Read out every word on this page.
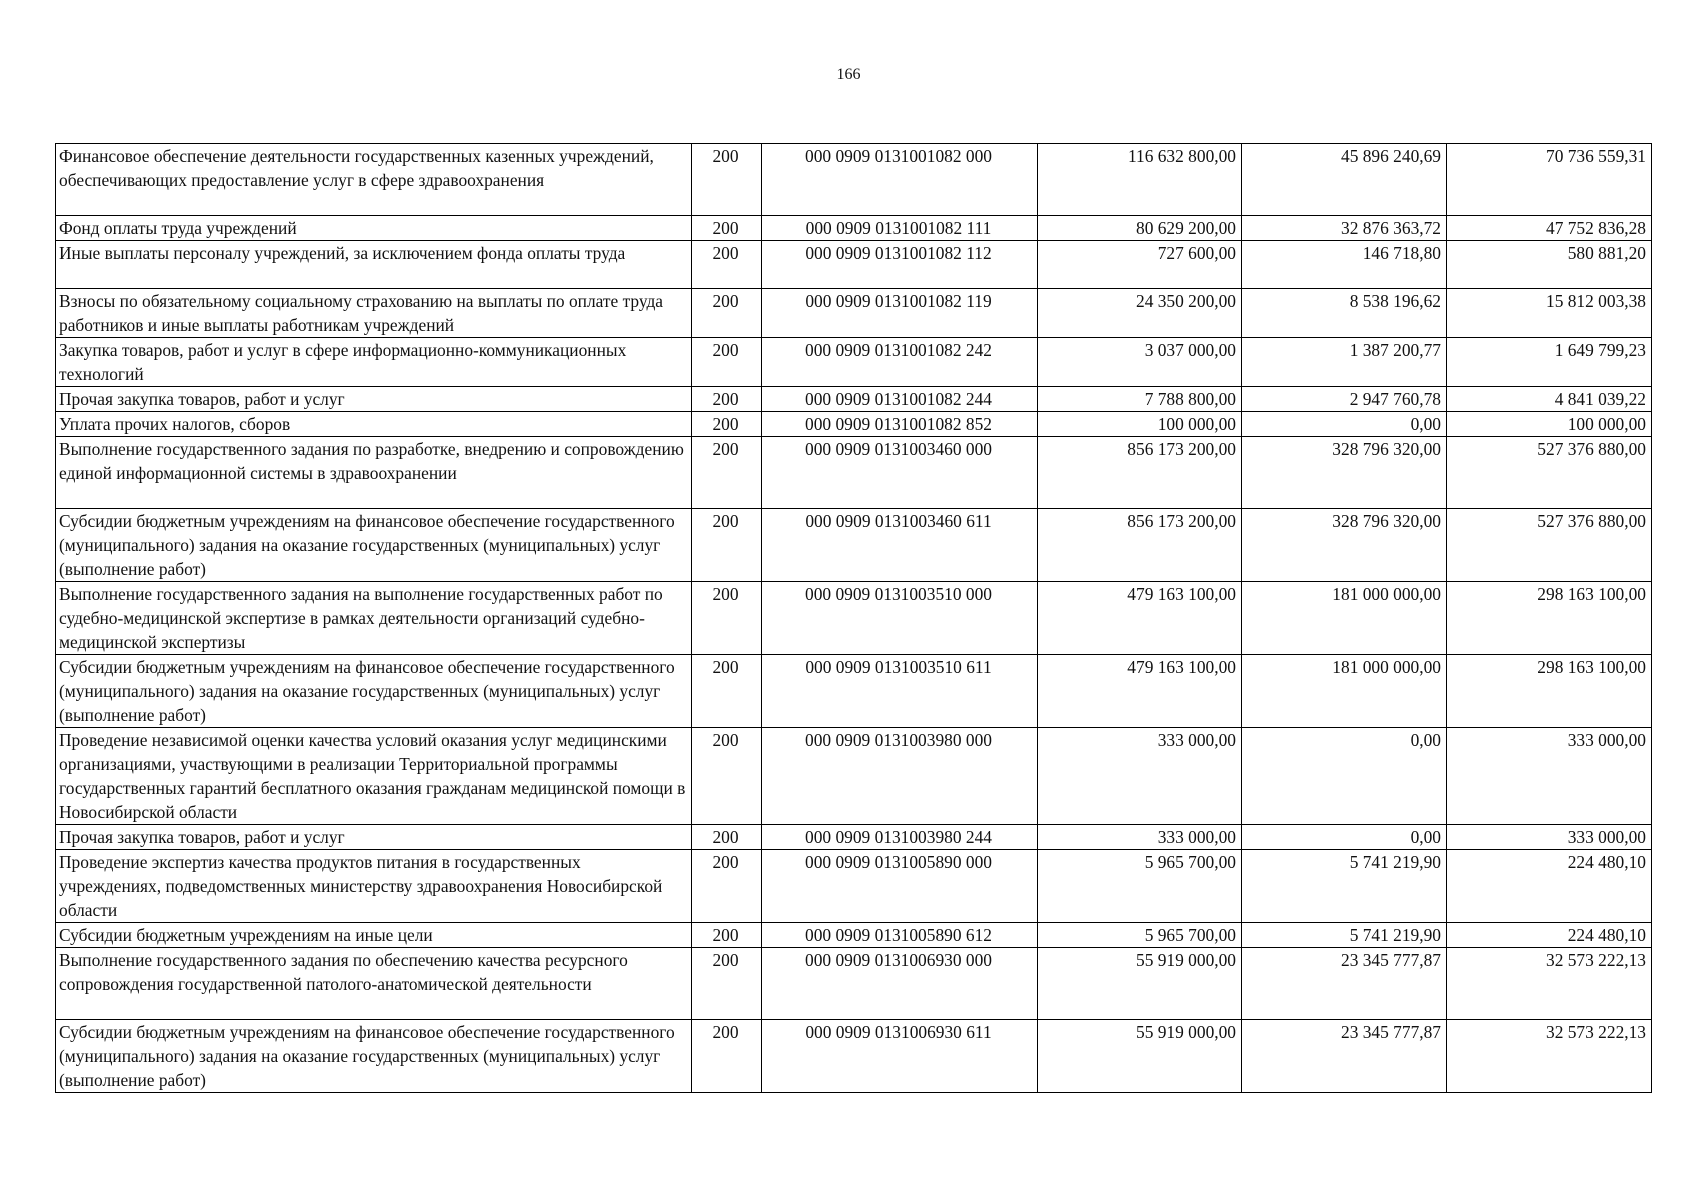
166
Финансовое обеспечение деятельности государственных казенных учреждений, обеспечивающих предоставление услуг в сфере здравоохранения	200	000 0909 0131001082 000	116 632 800,00	45 896 240,69	70 736 559,31
Фонд оплаты труда учреждений	200	000 0909 0131001082 111	80 629 200,00	32 876 363,72	47 752 836,28
Иные выплаты персоналу учреждений, за исключением фонда оплаты труда	200	000 0909 0131001082 112	727 600,00	146 718,80	580 881,20
Взносы по обязательному социальному страхованию на выплаты по оплате труда работников и иные выплаты работникам учреждений	200	000 0909 0131001082 119	24 350 200,00	8 538 196,62	15 812 003,38
Закупка товаров, работ и услуг в сфере информационно-коммуникационных технологий	200	000 0909 0131001082 242	3 037 000,00	1 387 200,77	1 649 799,23
Прочая закупка товаров, работ и услуг	200	000 0909 0131001082 244	7 788 800,00	2 947 760,78	4 841 039,22
Уплата прочих налогов, сборов	200	000 0909 0131001082 852	100 000,00	0,00	100 000,00
Выполнение государственного задания по разработке, внедрению и сопровождению единой информационной системы в здравоохранении	200	000 0909 0131003460 000	856 173 200,00	328 796 320,00	527 376 880,00
Субсидии бюджетным учреждениям на финансовое обеспечение государственного (муниципального) задания на оказание государственных (муниципальных) услуг (выполнение работ)	200	000 0909 0131003460 611	856 173 200,00	328 796 320,00	527 376 880,00
Выполнение государственного задания на выполнение государственных работ по судебно-медицинской экспертизе в рамках деятельности организаций судебно-медицинской экспертизы	200	000 0909 0131003510 000	479 163 100,00	181 000 000,00	298 163 100,00
Субсидии бюджетным учреждениям на финансовое обеспечение государственного (муниципального) задания на оказание государственных (муниципальных) услуг (выполнение работ)	200	000 0909 0131003510 611	479 163 100,00	181 000 000,00	298 163 100,00
Проведение независимой оценки качества условий оказания услуг медицинскими организациями, участвующими в реализации Территориальной программы государственных гарантий бесплатного оказания гражданам медицинской помощи в Новосибирской области	200	000 0909 0131003980 000	333 000,00	0,00	333 000,00
Прочая закупка товаров, работ и услуг	200	000 0909 0131003980 244	333 000,00	0,00	333 000,00
Проведение экспертиз качества продуктов питания в государственных учреждениях, подведомственных министерству здравоохранения Новосибирской области	200	000 0909 0131005890 000	5 965 700,00	5 741 219,90	224 480,10
Субсидии бюджетным учреждениям на иные цели	200	000 0909 0131005890 612	5 965 700,00	5 741 219,90	224 480,10
Выполнение государственного задания по обеспечению качества ресурсного сопровождения государственной патолого-анатомической деятельности	200	000 0909 0131006930 000	55 919 000,00	23 345 777,87	32 573 222,13
Субсидии бюджетным учреждениям на финансовое обеспечение государственного (муниципального) задания на оказание государственных (муниципальных) услуг (выполнение работ)	200	000 0909 0131006930 611	55 919 000,00	23 345 777,87	32 573 222,13
